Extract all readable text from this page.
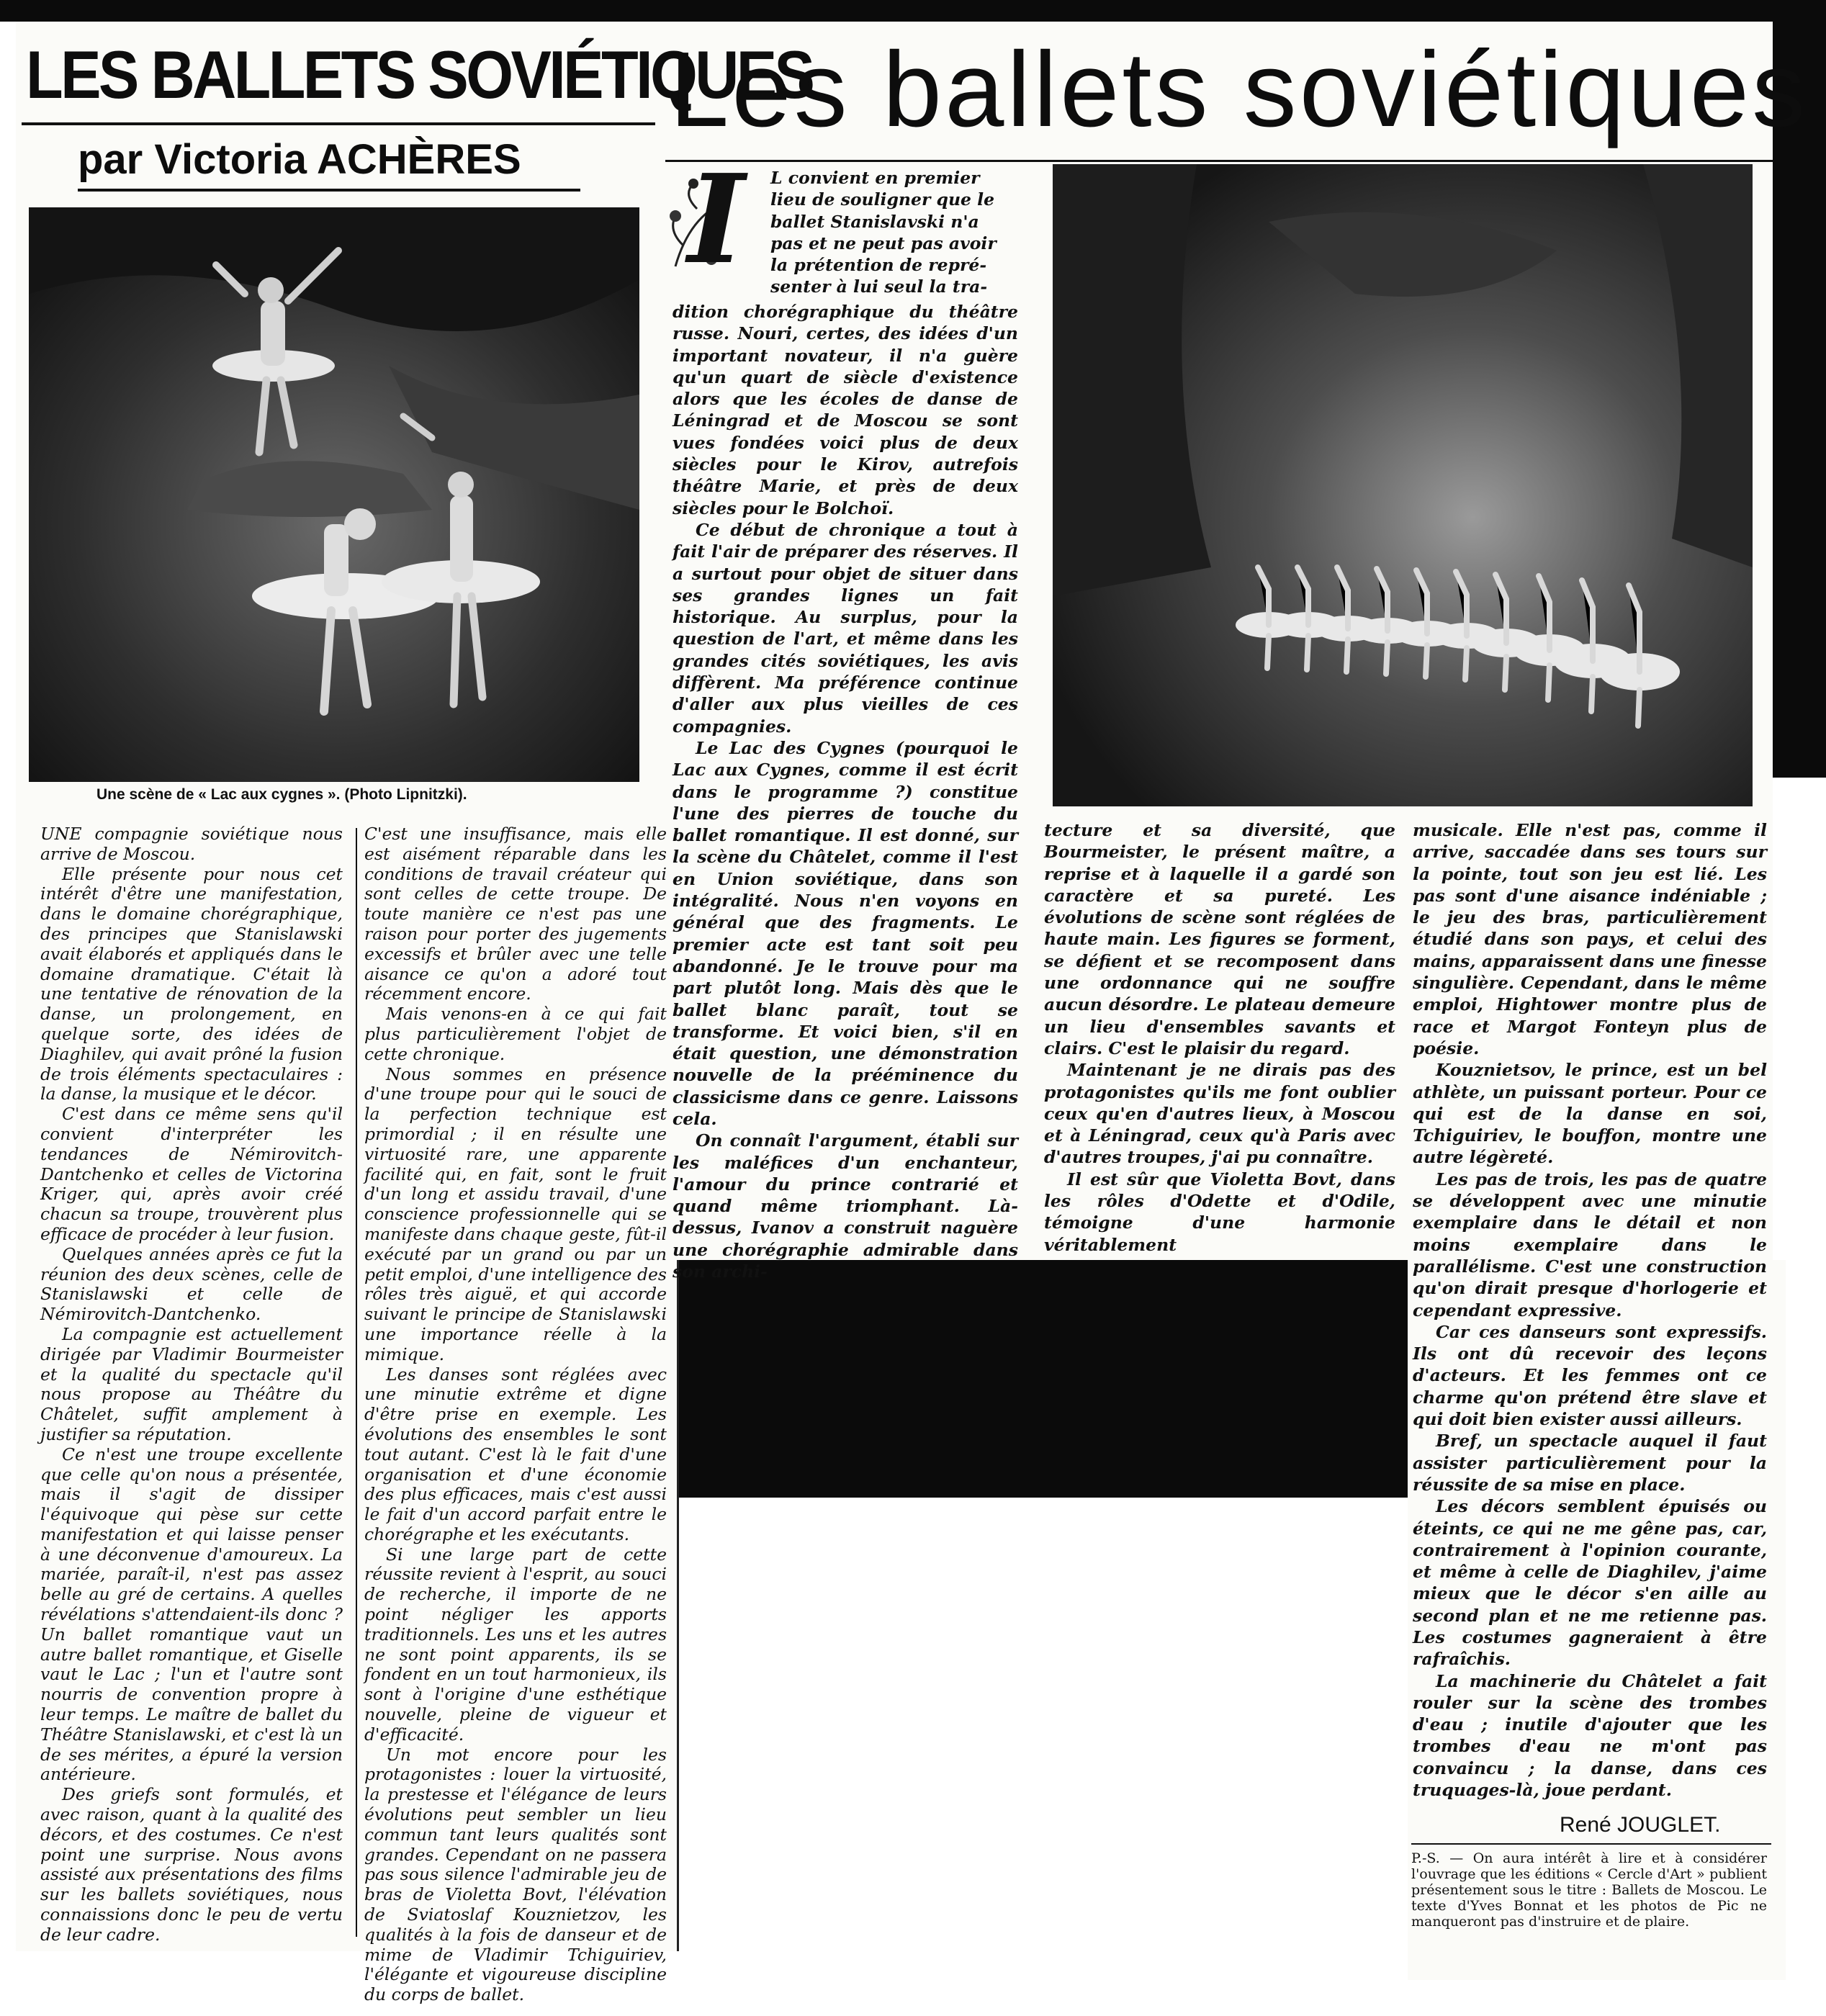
LES BALLETS SOVIÉTIQUES
par Victoria ACHÈRES
Une scène de « Lac aux cygnes ». (Photo Lipnitzki).

UNE compagnie soviétique nous arrive de Moscou.

Elle présente pour nous cet intérêt d'être une manifestation, dans le domaine chorégraphique, des principes que Stanislawski avait élaborés et appliqués dans le domaine dramatique. C'était là une tentative de rénovation de la danse, un prolongement, en quelque sorte, des idées de Diaghilev, qui avait prôné la fusion de trois éléments spectaculaires : la danse, la musique et le décor.

C'est dans ce même sens qu'il convient d'interpréter les tendances de Némirovitch-Dantchenko et celles de Victorina Kriger, qui, après avoir créé chacun sa troupe, trouvèrent plus efficace de procéder à leur fusion.

Quelques années après ce fut la réunion des deux scènes, celle de Stanislawski et celle de Némirovitch-Dantchenko.

La compagnie est actuellement dirigée par Vladimir Bourmeister et la qualité du spectacle qu'il nous propose au Théâtre du Châtelet, suffit amplement à justifier sa réputation.

Ce n'est une troupe excellente que celle qu'on nous a présentée, mais il s'agit de dissiper l'équivoque qui pèse sur cette manifestation et qui laisse penser à une déconvenue d'amoureux. La mariée, paraît-il, n'est pas assez belle au gré de certains. A quelles révélations s'attendaient-ils donc ? Un ballet romantique vaut un autre ballet romantique, et Giselle vaut le Lac ; l'un et l'autre sont nourris de convention propre à leur temps. Le maître de ballet du Théâtre Stanislawski, et c'est là un de ses mérites, a épuré la version antérieure.

Des griefs sont formulés, et avec raison, quant à la qualité des décors, et des costumes. Ce n'est point une surprise. Nous avons assisté aux présentations des films sur les ballets soviétiques, nous connaissions donc le peu de vertu de leur cadre.

C'est une insuffisance, mais elle est aisément réparable dans les conditions de travail créateur qui sont celles de cette troupe. De toute manière ce n'est pas une raison pour porter des jugements excessifs et brûler avec une telle aisance ce qu'on a adoré tout récemment encore.

Mais venons-en à ce qui fait plus particulièrement l'objet de cette chronique.

Nous sommes en présence d'une troupe pour qui le souci de la perfection technique est primordial ; il en résulte une virtuosité rare, une apparente facilité qui, en fait, sont le fruit d'un long et assidu travail, d'une conscience professionnelle qui se manifeste dans chaque geste, fût-il exécuté par un grand ou par un petit emploi, d'une intelligence des rôles très aiguë, et qui accorde suivant le principe de Stanislawski une importance réelle à la mimique.

Les danses sont réglées avec une minutie extrême et digne d'être prise en exemple. Les évolutions des ensembles le sont tout autant. C'est là le fait d'une organisation et d'une économie des plus efficaces, mais c'est aussi le fait d'un accord parfait entre le chorégraphe et les exécutants.

Si une large part de cette réussite revient à l'esprit, au souci de recherche, il importe de ne point négliger les apports traditionnels. Les uns et les autres ne sont point apparents, ils se fondent en un tout harmonieux, ils sont à l'origine d'une esthétique nouvelle, pleine de vigueur et d'efficacité.

Un mot encore pour les protagonistes : louer la virtuosité, la prestesse et l'élégance de leurs évolutions peut sembler un lieu commun tant leurs qualités sont grandes. Cependant on ne passera pas sous silence l'admirable jeu de bras de Violetta Bovt, l'élévation de Sviatoslaf Kouznietzov, les qualités à la fois de danseur et de mime de Vladimir Tchiguiriev, l'élégante et vigoureuse discipline du corps de ballet.

Les ballets soviétiques
I L convient en premier
lieu de souligner que le
ballet Stanislavski n'a
pas et ne peut pas avoir
la prétention de repré-
senter à lui seul la tra-

dition chorégraphique du théâtre russe. Nouri, certes, des idées d'un important novateur, il n'a guère qu'un quart de siècle d'existence alors que les écoles de danse de Léningrad et de Moscou se sont vues fondées voici plus de deux siècles pour le Kirov, autrefois théâtre Marie, et près de deux siècles pour le Bolchoï.

Ce début de chronique a tout à fait l'air de préparer des réserves. Il a surtout pour objet de situer dans ses grandes lignes un fait historique. Au surplus, pour la question de l'art, et même dans les grandes cités soviétiques, les avis diffèrent. Ma préférence continue d'aller aux plus vieilles de ces compagnies.

Le Lac des Cygnes (pourquoi le Lac aux Cygnes, comme il est écrit dans le programme ?) constitue l'une des pierres de touche du ballet romantique. Il est donné, sur la scène du Châtelet, comme il l'est en Union soviétique, dans son intégralité. Nous n'en voyons en général que des fragments. Le premier acte est tant soit peu abandonné. Je le trouve pour ma part plutôt long. Mais dès que le ballet blanc paraît, tout se transforme. Et voici bien, s'il en était question, une démonstration nouvelle de la prééminence du classicisme dans ce genre. Laissons cela.

On connaît l'argument, établi sur les maléfices d'un enchanteur, l'amour du prince contrarié et quand même triomphant. Là-dessus, Ivanov a construit naguère une chorégraphie admirable dans son archi-

tecture et sa diversité, que Bourmeister, le présent maître, a reprise et à laquelle il a gardé son caractère et sa pureté. Les évolutions de scène sont réglées de haute main. Les figures se forment, se défient et se recomposent dans une ordonnance qui ne souffre aucun désordre. Le plateau demeure un lieu d'ensembles savants et clairs. C'est le plaisir du regard.

Maintenant je ne dirais pas des protagonistes qu'ils me font oublier ceux qu'en d'autres lieux, à Moscou et à Léningrad, ceux qu'à Paris avec d'autres troupes, j'ai pu connaître.

Il est sûr que Violetta Bovt, dans les rôles d'Odette et d'Odile, témoigne d'une harmonie véritablement

musicale. Elle n'est pas, comme il arrive, saccadée dans ses tours sur la pointe, tout son jeu est lié. Les pas sont d'une aisance indéniable ; le jeu des bras, particulièrement étudié dans son pays, et celui des mains, apparaissent dans une finesse singulière. Cependant, dans le même emploi, Hightower montre plus de race et Margot Fonteyn plus de poésie.

Kouznietsov, le prince, est un bel athlète, un puissant porteur. Pour ce qui est de la danse en soi, Tchiguiriev, le bouffon, montre une autre légèreté.

Les pas de trois, les pas de quatre se développent avec une minutie exemplaire dans le détail et non moins exemplaire dans le parallélisme. C'est une construction qu'on dirait presque d'horlogerie et cependant expressive.

Car ces danseurs sont expressifs. Ils ont dû recevoir des leçons d'acteurs. Et les femmes ont ce charme qu'on prétend être slave et qui doit bien exister aussi ailleurs.

Bref, un spectacle auquel il faut assister particulièrement pour la réussite de sa mise en place.

Les décors semblent épuisés ou éteints, ce qui ne me gêne pas, car, contrairement à l'opinion courante, et même à celle de Diaghilev, j'aime mieux que le décor s'en aille au second plan et ne me retienne pas. Les costumes gagneraient à être rafraîchis.

La machinerie du Châtelet a fait rouler sur la scène des trombes d'eau ; inutile d'ajouter que les trombes d'eau ne m'ont pas convaincu ; la danse, dans ces truquages-là, joue perdant.

René JOUGLET.
P.-S. — On aura intérêt à lire et à considérer l'ouvrage que les éditions « Cercle d'Art » publient présentement sous le titre : Ballets de Moscou. Le texte d'Yves Bonnat et les photos de Pic ne manqueront pas d'instruire et de plaire.
